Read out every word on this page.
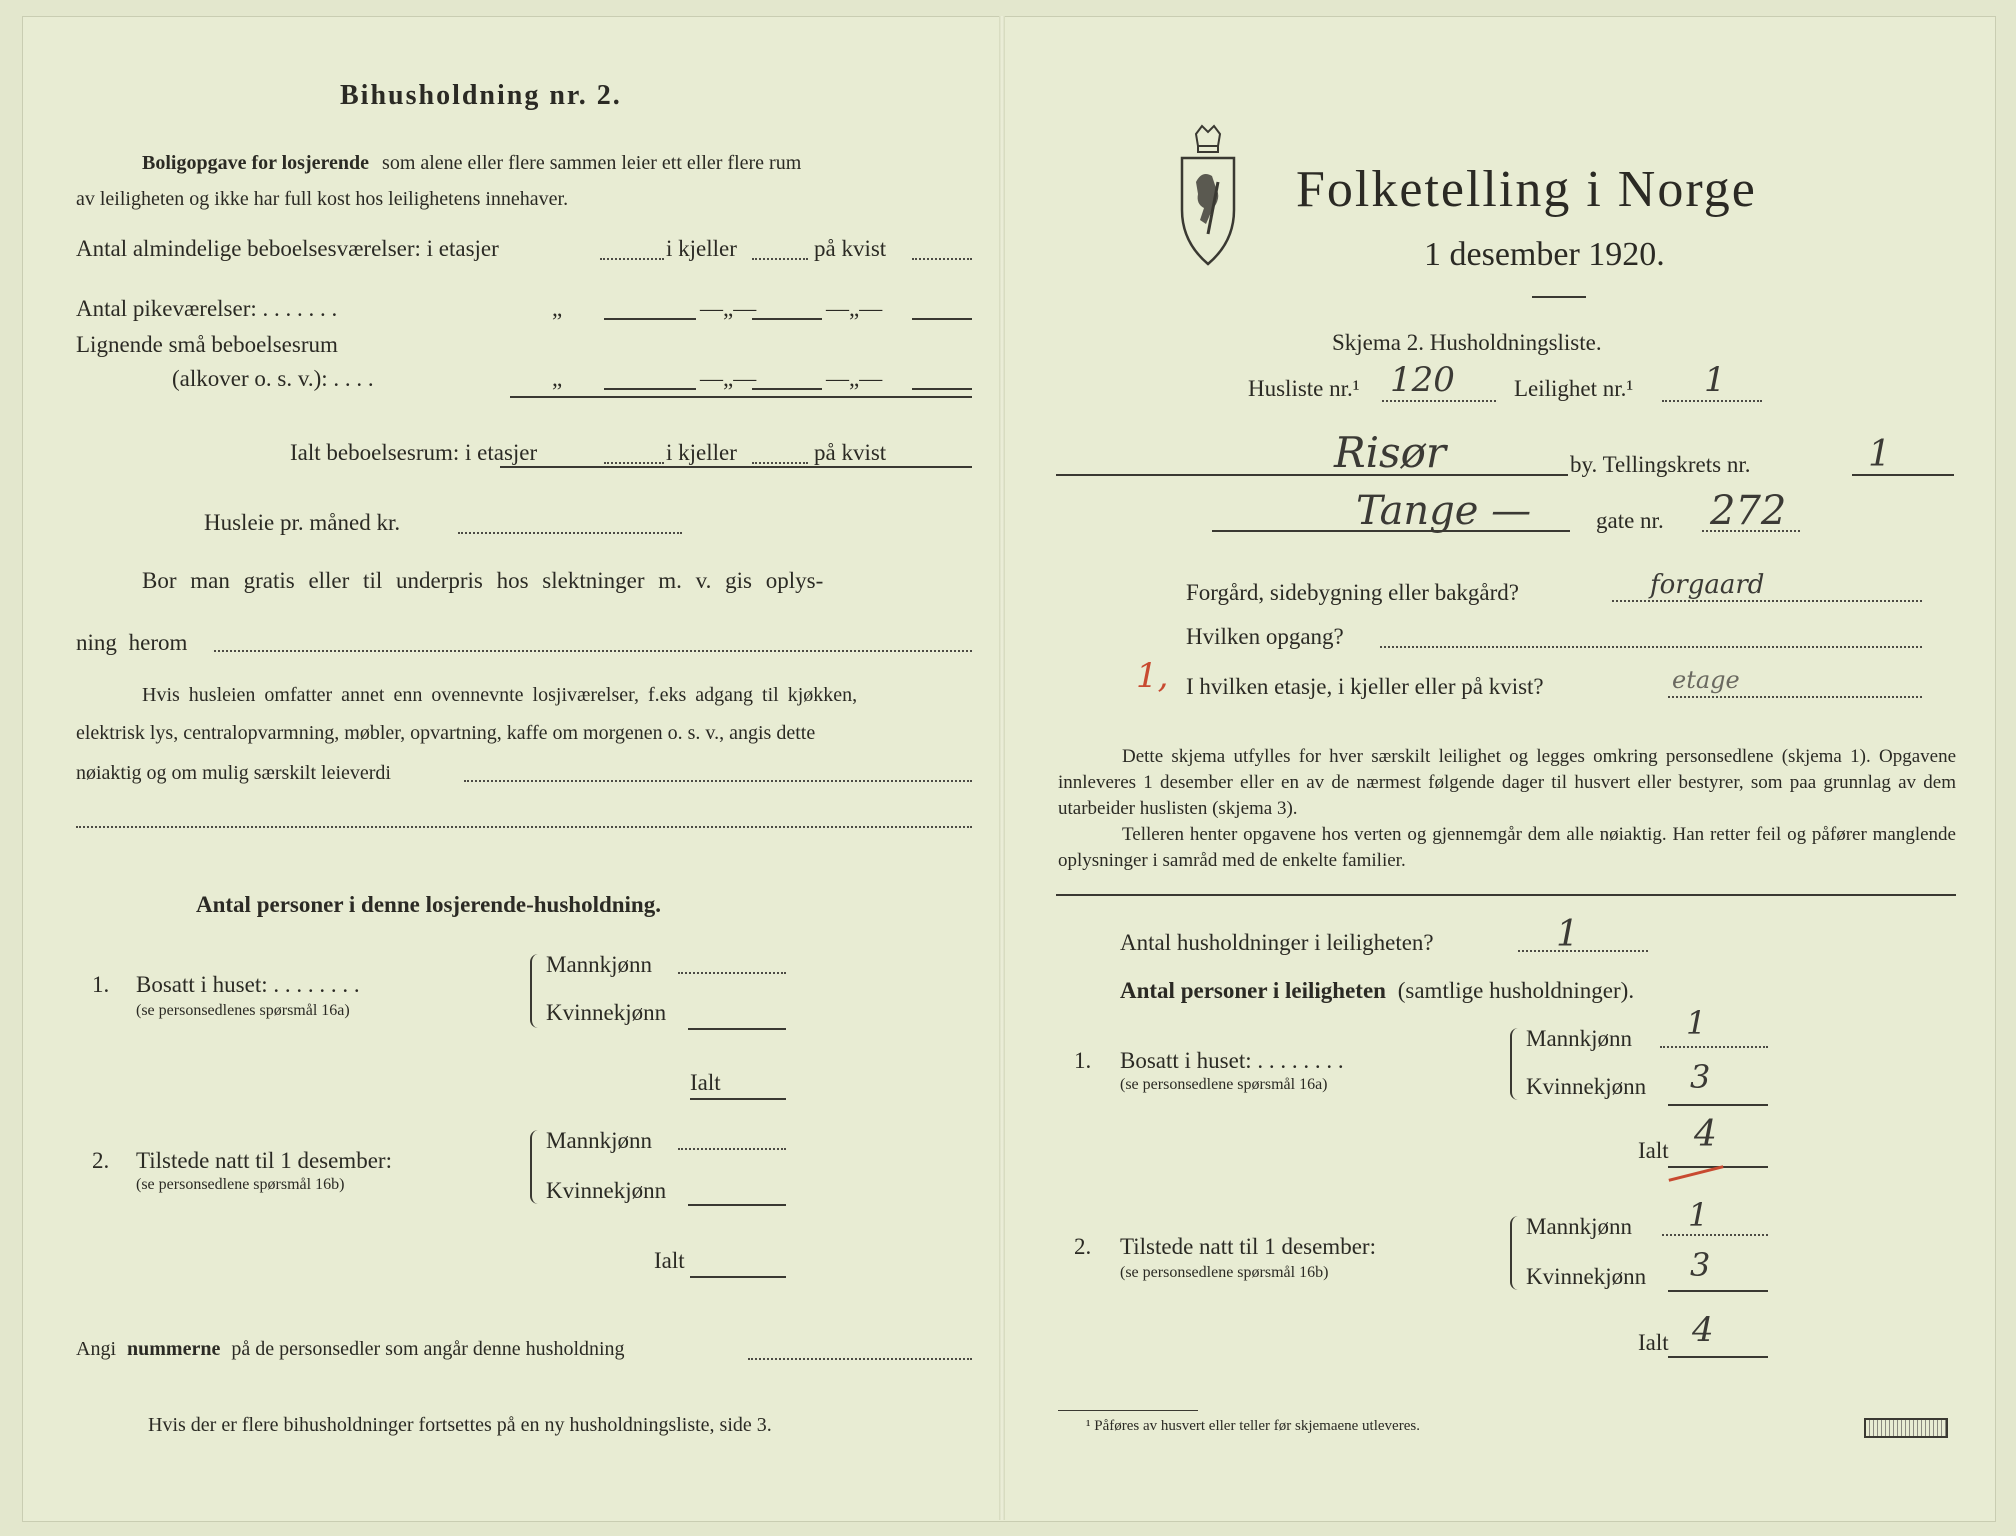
Bihusholdning nr. 2.
Boligopgave for losjerende som alene eller flere sammen leier ett eller flere rum
av leiligheten og ikke har full kost hos leilighetens innehaver.
Antal almindelige beboelsesværelser: i etasjer	i kjeller	på kvist
Antal pikeværelser: . . . . . . .	„	—„—	—„—
Lignende små beboelsesrum
(alkover o. s. v.): . . . .	„	—„—	—„—
Ialt beboelsesrum: i etasjer	i kjeller	på kvist
Husleie pr. måned kr.
Bor man gratis eller til underpris hos slektninger m. v. gis oplys-
ning herom
Hvis husleien omfatter annet enn ovennevnte losjiværelser, f.eks adgang til kjøkken,
elektrisk lys, centralopvarmning, møbler, opvartning, kaffe om morgenen o. s. v., angis dette
nøiaktig og om mulig særskilt leieverdi
Antal personer i denne losjerende-husholdning.
1. Bosatt i huset: . . . . . . . .
(se personsedlenes spørsmål 16a)
Mannkjønn
Kvinnekjønn
Ialt
2. Tilstede natt til 1 desember:
(se personsedlene spørsmål 16b)
Mannkjønn
Kvinnekjønn
Ialt
Angi nummerne på de personsedler som angår denne husholdning
Hvis der er flere bihusholdninger fortsettes på en ny husholdningsliste, side 3.
Folketelling i Norge
1 desember 1920.
Skjema 2. Husholdningsliste.
Husliste nr.¹ 120	Leilighet nr.¹ 1
Risør	by. Tellingskrets nr.	1
Tange —	gate nr. 272
Forgård, sidebygning eller bakgård?	forgaard
Hvilken opgang?
1, I hvilken etasje, i kjeller eller på kvist?	etage
Dette skjema utfylles for hver særskilt leilighet og legges omkring personsedlene (skjema 1). Opgavene innleveres 1 desember eller en av de nærmest følgende dager til husvert eller bestyrer, som paa grunnlag av dem utarbeider huslisten (skjema 3).
Telleren henter opgavene hos verten og gjennemgår dem alle nøiaktig. Han retter feil og påfører manglende oplysninger i samråd med de enkelte familier.
Antal husholdninger i leiligheten?	1
Antal personer i leiligheten (samtlige husholdninger).
1. Bosatt i huset: . . . . . . . .
(se personsedlene spørsmål 16a)
Mannkjønn 1
Kvinnekjønn 3
Ialt 4
2. Tilstede natt til 1 desember:
(se personsedlene spørsmål 16b)
Mannkjønn 1
Kvinnekjønn 3
Ialt 4
¹ Påføres av husvert eller teller før skjemaene utleveres.
